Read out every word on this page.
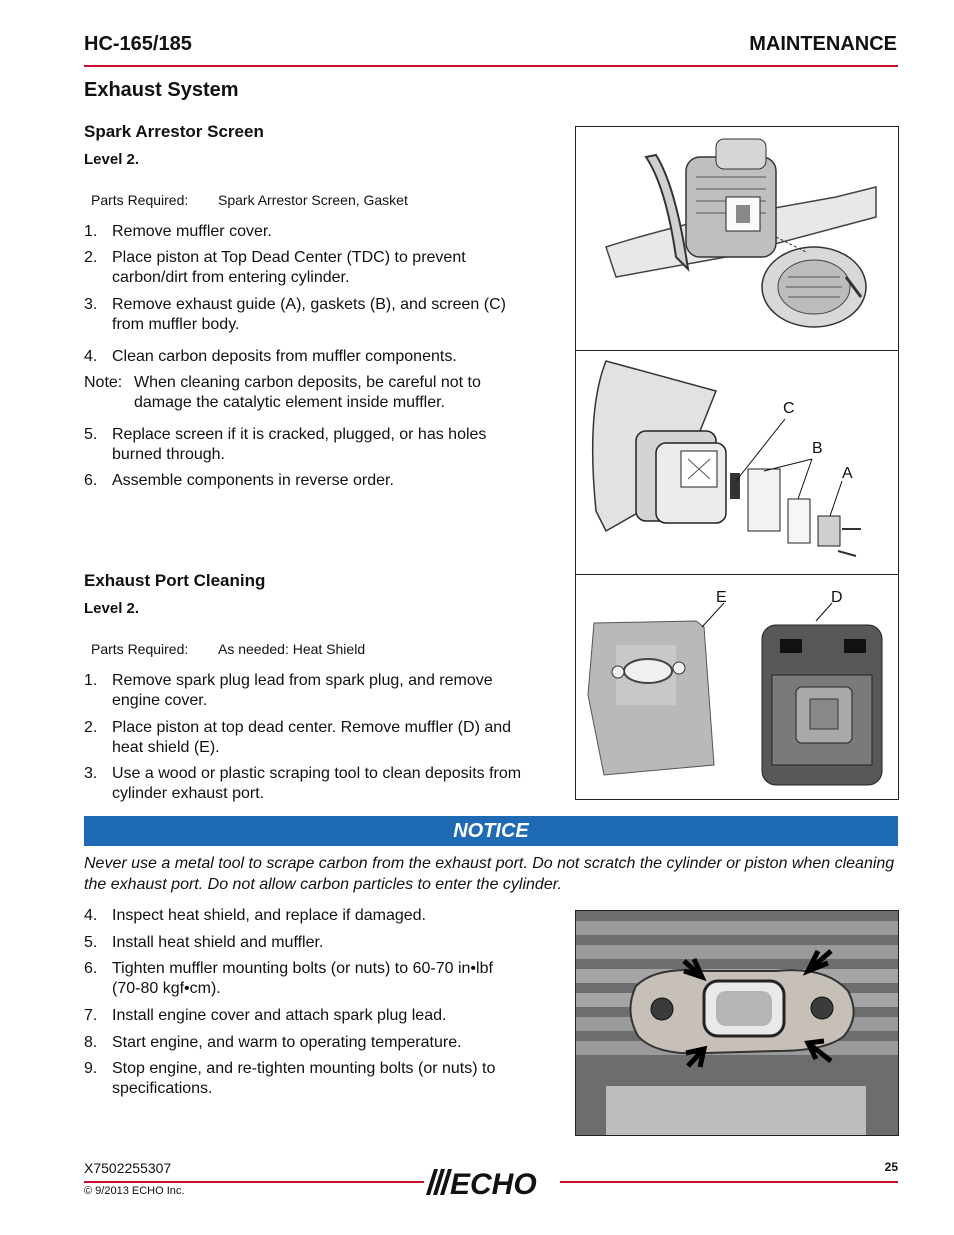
HC-165/185	MAINTENANCE
Exhaust System
Spark Arrestor Screen
Level 2.
Parts Required: Spark Arrestor Screen, Gasket
1. Remove muffler cover.
2. Place piston at Top Dead Center (TDC) to prevent
carbon/dirt from entering cylinder.
3. Remove exhaust guide (A), gaskets (B), and screen (C)
from muffler body.
4. Clean carbon deposits from muffler components.
Note: When cleaning carbon deposits, be careful not to
damage the catalytic element inside muffler.
5. Replace screen if it is cracked, plugged, or has holes
burned through.
6. Assemble components in reverse order.
Exhaust Port Cleaning
Level 2.
Parts Required: As needed: Heat Shield
1. Remove spark plug lead from spark plug, and remove
engine cover.
2. Place piston at top dead center. Remove muffler (D) and
heat shield (E).
3. Use a wood or plastic scraping tool to clean deposits from
cylinder exhaust port.
C
B
A
E	D
NOTICE
Never use a metal tool to scrape carbon from the exhaust port. Do not scratch the cylinder or piston when cleaning the exhaust port. Do not allow carbon particles to enter the cylinder.
4. Inspect heat shield, and replace if damaged.
5. Install heat shield and muffler.
6. Tighten muffler mounting bolts (or nuts) to 60-70 in•lbf
(70-80 kgf•cm).
7. Install engine cover and attach spark plug lead.
8. Start engine, and warm to operating temperature.
9. Stop engine, and re-tighten mounting bolts (or nuts) to
specifications.
X7502255307
© 9/2013 ECHO Inc.
25
ECHO
